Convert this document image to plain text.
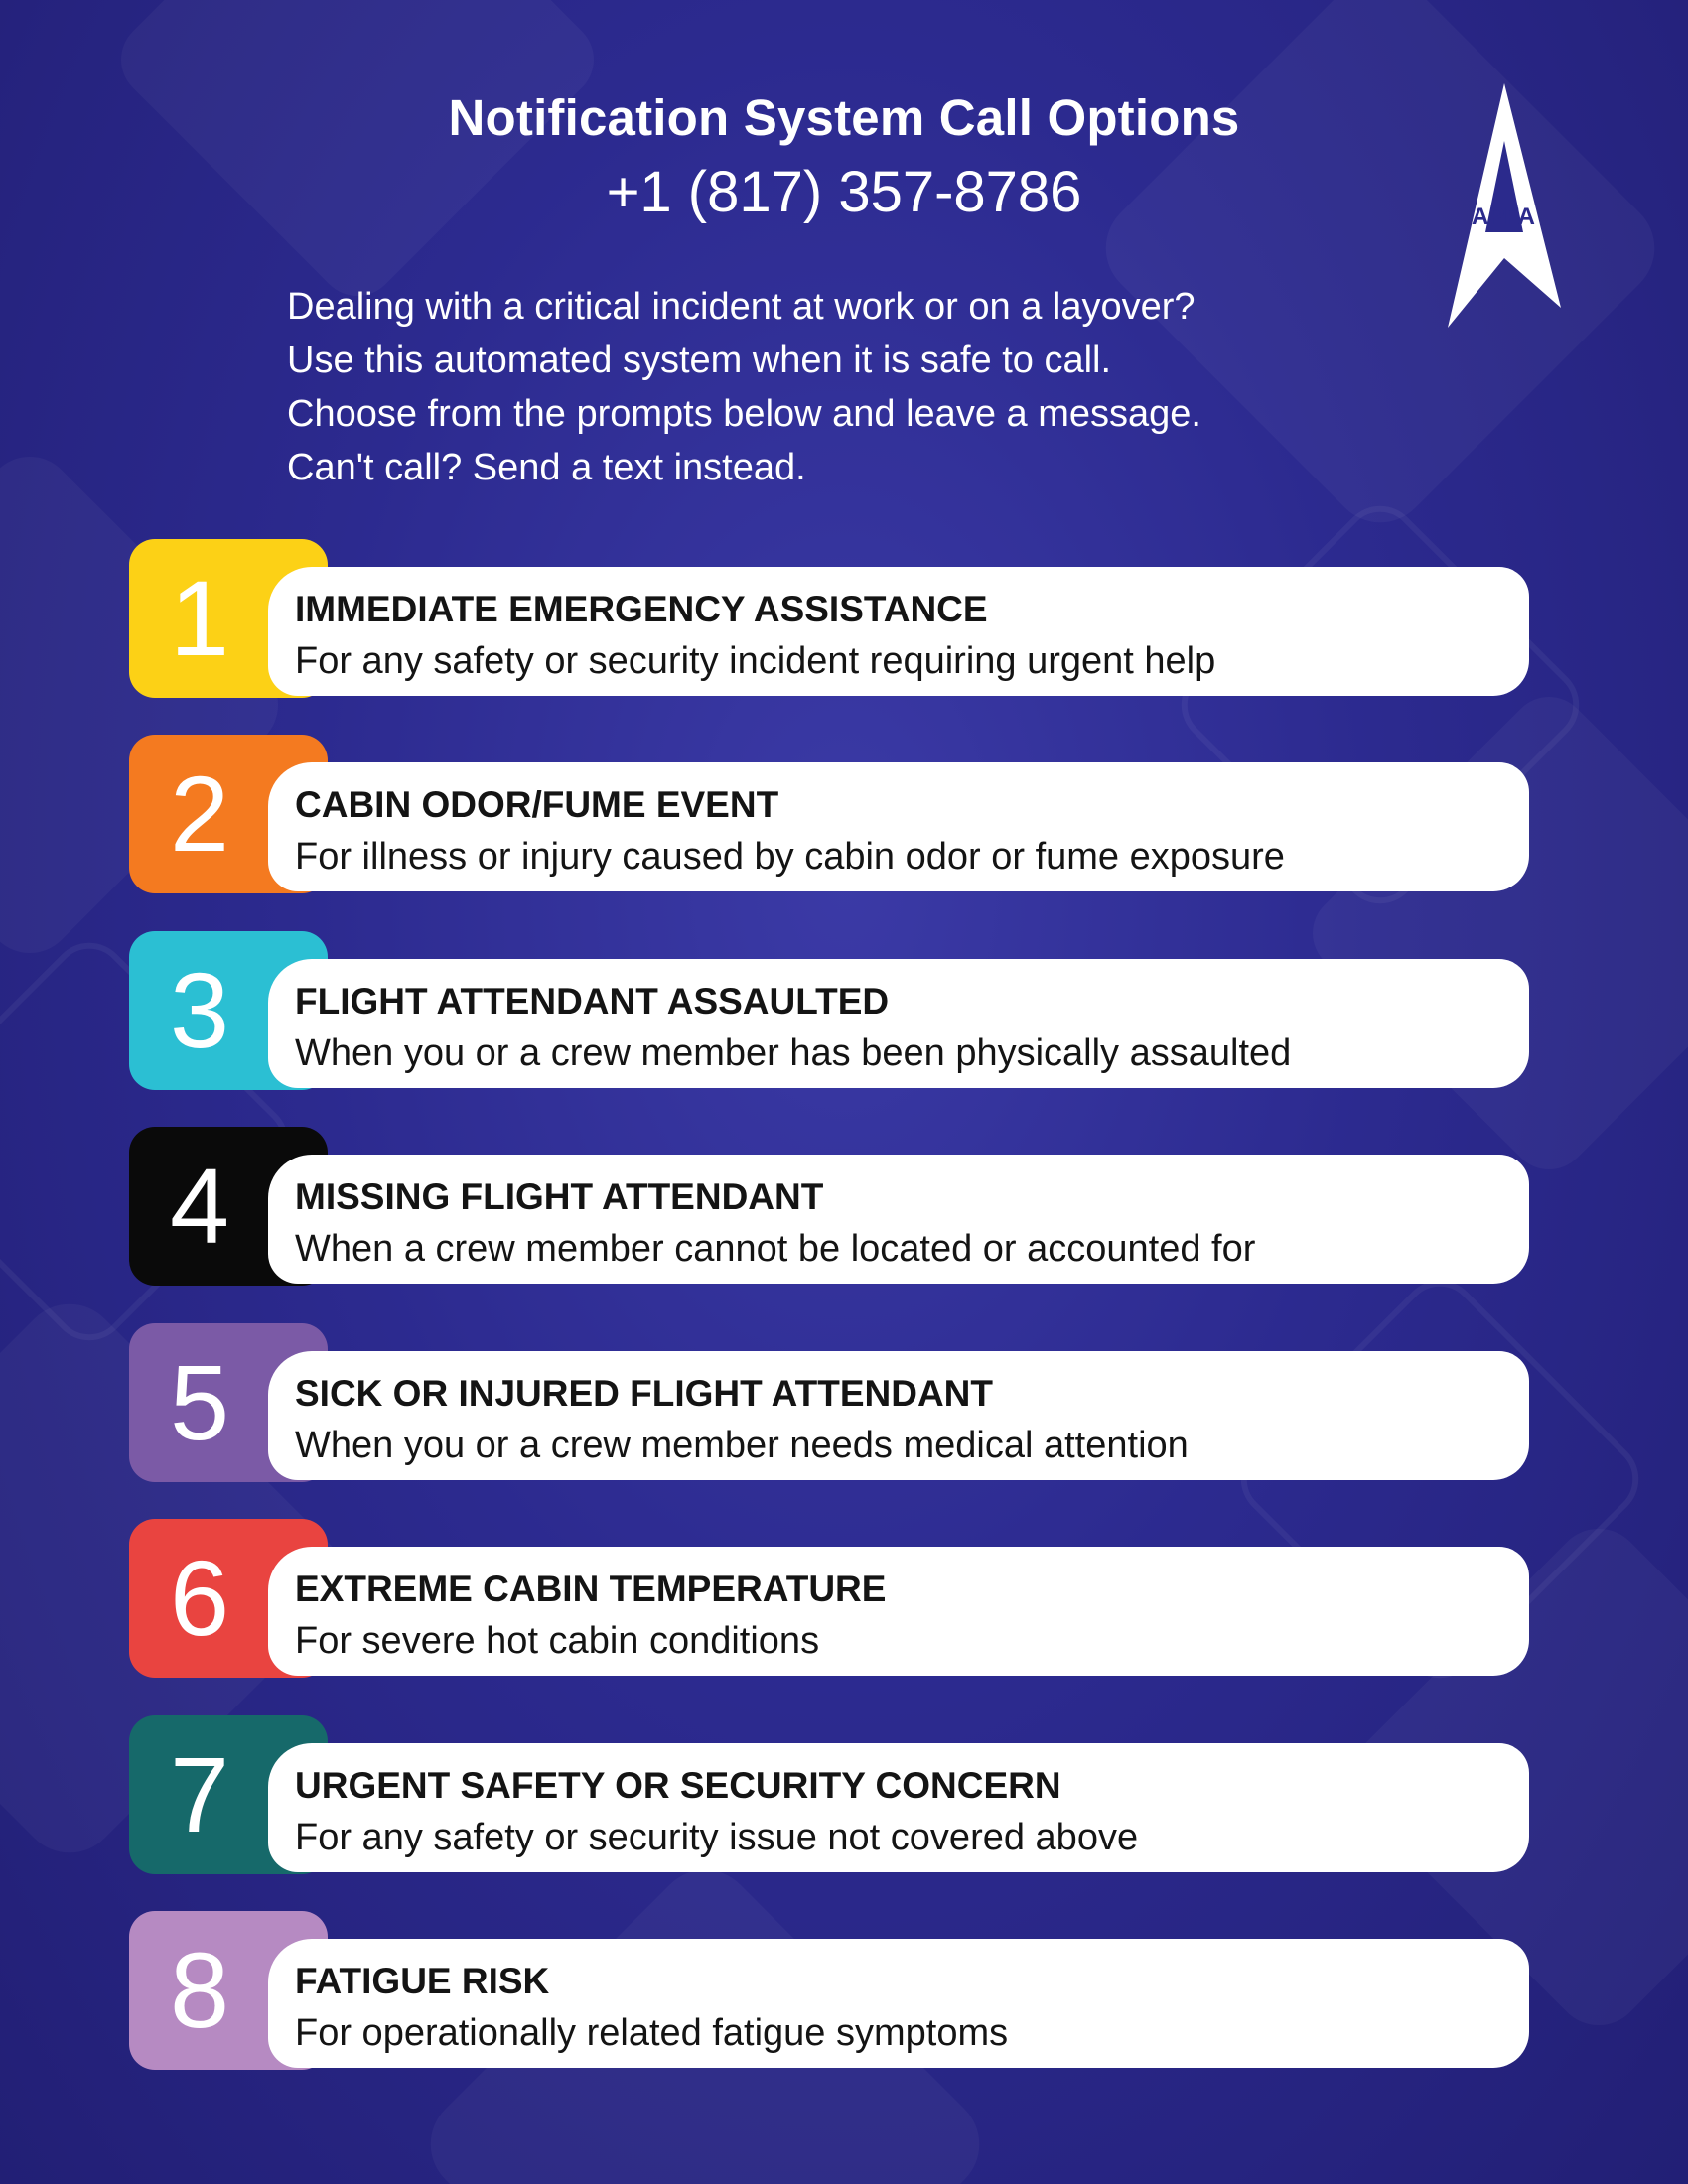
Notification System Call Options
+1 (817) 357-8786	APFA
Dealing with a critical incident at work or on a layover?
Use this automated system when it is safe to call.
Choose from the prompts below and leave a message.
Can't call? Send a text instead.
1	IMMEDIATE EMERGENCY ASSISTANCE
For any safety or security incident requiring urgent help
2	CABIN ODOR/FUME EVENT
For illness or injury caused by cabin odor or fume exposure
3	FLIGHT ATTENDANT ASSAULTED
When you or a crew member has been physically assaulted
4	MISSING FLIGHT ATTENDANT
When a crew member cannot be located or accounted for
5	SICK OR INJURED FLIGHT ATTENDANT
When you or a crew member needs medical attention
6	EXTREME CABIN TEMPERATURE
For severe hot cabin conditions
7	URGENT SAFETY OR SECURITY CONCERN
For any safety or security issue not covered above
8	FATIGUE RISK
For operationally related fatigue symptoms
